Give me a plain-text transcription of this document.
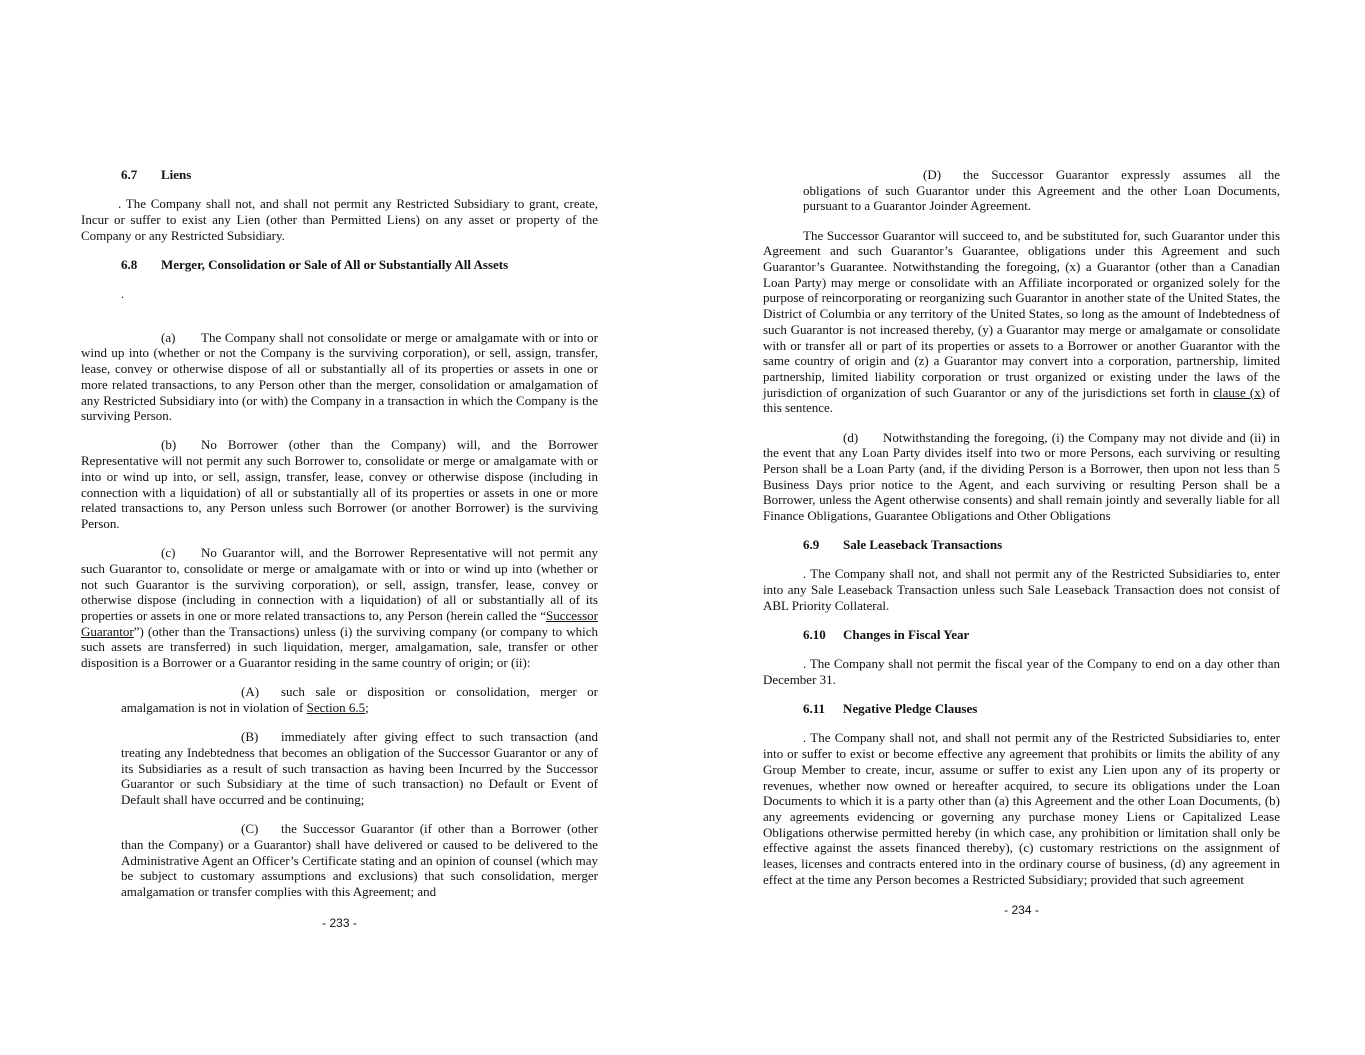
6.7 Liens

. The Company shall not, and shall not permit any Restricted Subsidiary to grant, create, Incur or suffer to exist any Lien (other than Permitted Liens) on any asset or property of the Company or any Restricted Subsidiary.

6.8 Merger, Consolidation or Sale of All or Substantially All Assets

.

(a) The Company shall not consolidate or merge or amalgamate with or into or wind up into (whether or not the Company is the surviving corporation), or sell, assign, transfer, lease, convey or otherwise dispose of all or substantially all of its properties or assets in one or more related transactions, to any Person other than the merger, consolidation or amalgamation of any Restricted Subsidiary into (or with) the Company in a transaction in which the Company is the surviving Person.

(b) No Borrower (other than the Company) will, and the Borrower Representative will not permit any such Borrower to, consolidate or merge or amalgamate with or into or wind up into, or sell, assign, transfer, lease, convey or otherwise dispose (including in connection with a liquidation) of all or substantially all of its properties or assets in one or more related transactions to, any Person unless such Borrower (or another Borrower) is the surviving Person.

(c) No Guarantor will, and the Borrower Representative will not permit any such Guarantor to, consolidate or merge or amalgamate with or into or wind up into (whether or not such Guarantor is the surviving corporation), or sell, assign, transfer, lease, convey or otherwise dispose (including in connection with a liquidation) of all or substantially all of its properties or assets in one or more related transactions to, any Person (herein called the “Successor Guarantor”) (other than the Transactions) unless (i) the surviving company (or company to which such assets are transferred) in such liquidation, merger, amalgamation, sale, transfer or other disposition is a Borrower or a Guarantor residing in the same country of origin; or (ii):

(A) such sale or disposition or consolidation, merger or amalgamation is not in violation of Section 6.5;

(B) immediately after giving effect to such transaction (and treating any Indebtedness that becomes an obligation of the Successor Guarantor or any of its Subsidiaries as a result of such transaction as having been Incurred by the Successor Guarantor or such Subsidiary at the time of such transaction) no Default or Event of Default shall have occurred and be continuing;

(C) the Successor Guarantor (if other than a Borrower (other than the Company) or a Guarantor) shall have delivered or caused to be delivered to the Administrative Agent an Officer’s Certificate stating and an opinion of counsel (which may be subject to customary assumptions and exclusions) that such consolidation, merger amalgamation or transfer complies with this Agreement; and

- 233 -

(D) the Successor Guarantor expressly assumes all the obligations of such Guarantor under this Agreement and the other Loan Documents, pursuant to a Guarantor Joinder Agreement.

The Successor Guarantor will succeed to, and be substituted for, such Guarantor under this Agreement and such Guarantor’s Guarantee, obligations under this Agreement and such Guarantor’s Guarantee. Notwithstanding the foregoing, (x) a Guarantor (other than a Canadian Loan Party) may merge or consolidate with an Affiliate incorporated or organized solely for the purpose of reincorporating or reorganizing such Guarantor in another state of the United States, the District of Columbia or any territory of the United States, so long as the amount of Indebtedness of such Guarantor is not increased thereby, (y) a Guarantor may merge or amalgamate or consolidate with or transfer all or part of its properties or assets to a Borrower or another Guarantor with the same country of origin and (z) a Guarantor may convert into a corporation, partnership, limited partnership, limited liability corporation or trust organized or existing under the laws of the jurisdiction of organization of such Guarantor or any of the jurisdictions set forth in clause (x) of this sentence.

(d) Notwithstanding the foregoing, (i) the Company may not divide and (ii) in the event that any Loan Party divides itself into two or more Persons, each surviving or resulting Person shall be a Loan Party (and, if the dividing Person is a Borrower, then upon not less than 5 Business Days prior notice to the Agent, and each surviving or resulting Person shall be a Borrower, unless the Agent otherwise consents) and shall remain jointly and severally liable for all Finance Obligations, Guarantee Obligations and Other Obligations

6.9 Sale Leaseback Transactions

. The Company shall not, and shall not permit any of the Restricted Subsidiaries to, enter into any Sale Leaseback Transaction unless such Sale Leaseback Transaction does not consist of ABL Priority Collateral.

6.10 Changes in Fiscal Year

. The Company shall not permit the fiscal year of the Company to end on a day other than December 31.

6.11 Negative Pledge Clauses

. The Company shall not, and shall not permit any of the Restricted Subsidiaries to, enter into or suffer to exist or become effective any agreement that prohibits or limits the ability of any Group Member to create, incur, assume or suffer to exist any Lien upon any of its property or revenues, whether now owned or hereafter acquired, to secure its obligations under the Loan Documents to which it is a party other than (a) this Agreement and the other Loan Documents, (b) any agreements evidencing or governing any purchase money Liens or Capitalized Lease Obligations otherwise permitted hereby (in which case, any prohibition or limitation shall only be effective against the assets financed thereby), (c) customary restrictions on the assignment of leases, licenses and contracts entered into in the ordinary course of business, (d) any agreement in effect at the time any Person becomes a Restricted Subsidiary; provided that such agreement

- 234 -
